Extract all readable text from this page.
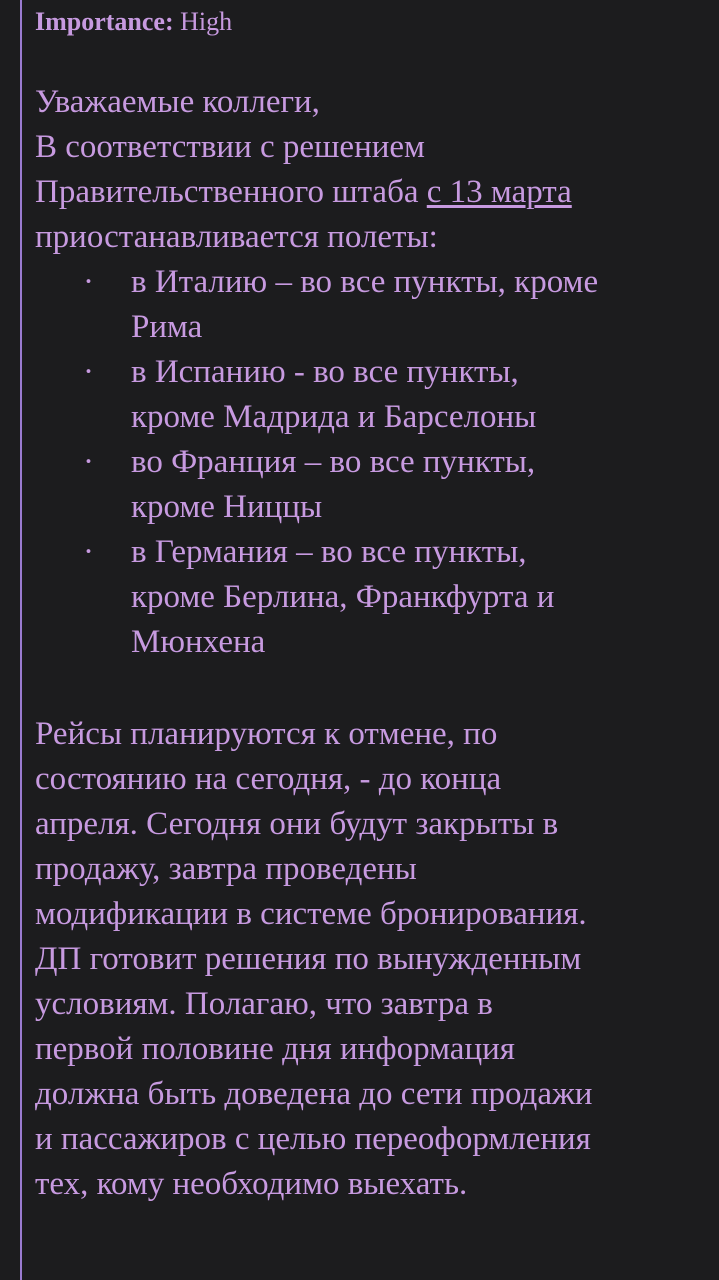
Importance: High
Уважаемые коллеги,
В соответствии с решением
Правительственного штаба с 13 марта
приостанавливается полеты:
· в Италию – во все пункты, кроме
Рима
· в Испанию - во все пункты,
кроме Мадрида и Барселоны
· во Франция – во все пункты,
кроме Ниццы
· в Германия – во все пункты,
кроме Берлина, Франкфурта и
Мюнхена
Рейсы планируются к отмене, по
состоянию на сегодня, - до конца
апреля. Сегодня они будут закрыты в
продажу, завтра проведены
модификации в системе бронирования.
ДП готовит решения по вынужденным
условиям. Полагаю, что завтра в
первой половине дня информация
должна быть доведена до сети продажи
и пассажиров с целью переоформления
тех, кому необходимо выехать.
